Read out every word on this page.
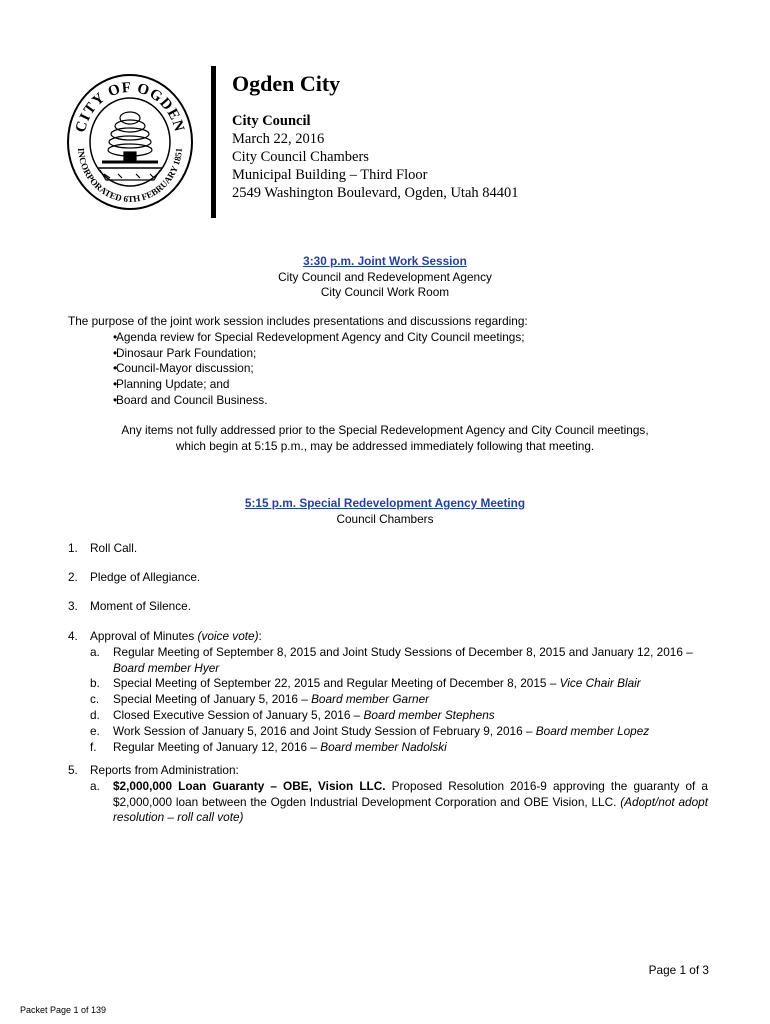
CITY OF OGDEN
INCORPORATED 6TH FEBRUARY 1851
Ogden City
City Council
March 22, 2016
City Council Chambers
Municipal Building – Third Floor
2549 Washington Boulevard, Ogden, Utah 84401
3:30 p.m. Joint Work Session
City Council and Redevelopment Agency
City Council Work Room
The purpose of the joint work session includes presentations and discussions regarding:
• Agenda review for Special Redevelopment Agency and City Council meetings;
• Dinosaur Park Foundation;
• Council-Mayor discussion;
• Planning Update; and
• Board and Council Business.
Any items not fully addressed prior to the Special Redevelopment Agency and City Council meetings,
which begin at 5:15 p.m., may be addressed immediately following that meeting.
5:15 p.m. Special Redevelopment Agency Meeting
Council Chambers
1. Roll Call.
2. Pledge of Allegiance.
3. Moment of Silence.
4. Approval of Minutes (voice vote):
a. Regular Meeting of September 8, 2015 and Joint Study Sessions of December 8, 2015 and January 12, 2016 – Board member Hyer
b. Special Meeting of September 22, 2015 and Regular Meeting of December 8, 2015 – Vice Chair Blair
c. Special Meeting of January 5, 2016 – Board member Garner
d. Closed Executive Session of January 5, 2016 – Board member Stephens
e. Work Session of January 5, 2016 and Joint Study Session of February 9, 2016 – Board member Lopez
f. Regular Meeting of January 12, 2016 – Board member Nadolski
5. Reports from Administration:
a. $2,000,000 Loan Guaranty – OBE, Vision LLC. Proposed Resolution 2016-9 approving the guaranty of a $2,000,000 loan between the Ogden Industrial Development Corporation and OBE Vision, LLC. (Adopt/not adopt resolution – roll call vote)
Page 1 of 3
Packet Page 1 of 139
